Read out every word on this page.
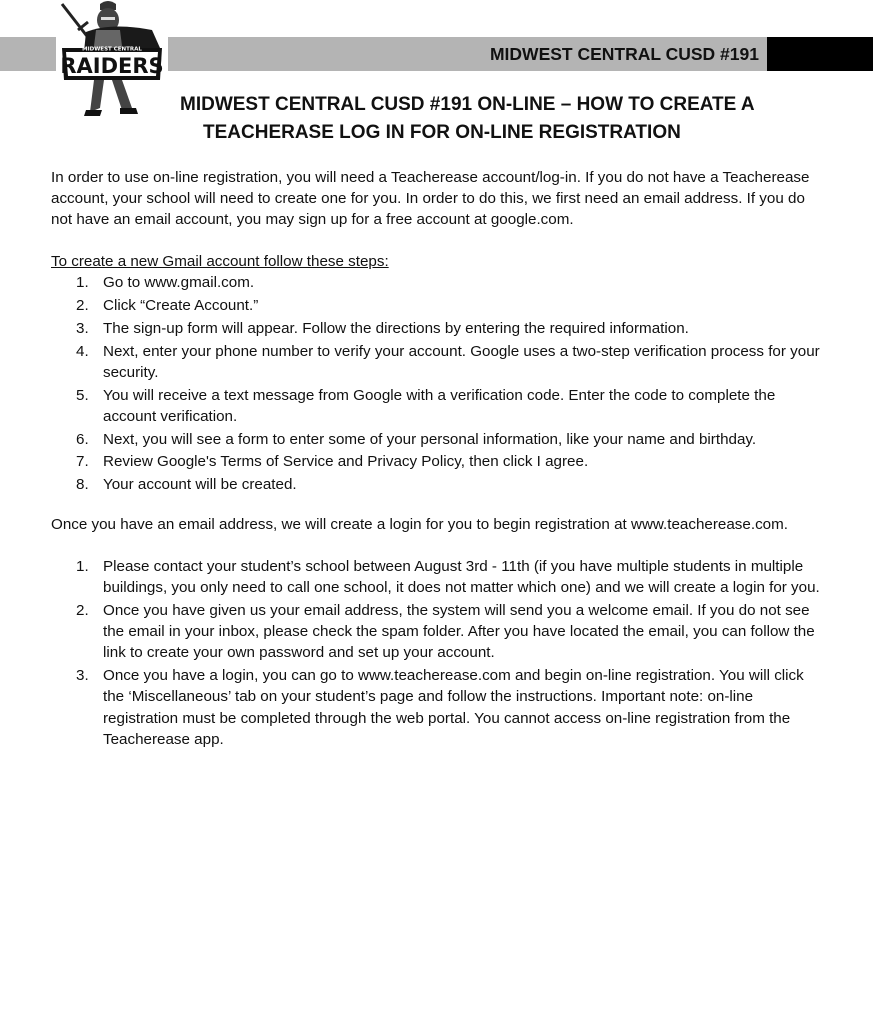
MIDWEST CENTRAL CUSD #191
MIDWEST CENTRAL
RAIDERS
MIDWEST CENTRAL CUSD #191 ON-LINE – HOW TO CREATE A
TEACHERASE LOG IN FOR ON-LINE REGISTRATION

In order to use on-line registration, you will need a Teacherease account/log-in. If you do not have a Teacherease account, your school will need to create one for you. In order to do this, we first need an email address. If you do not have an email account, you may sign up for a free account at google.com.

To create a new Gmail account follow these steps:

1. Go to www.gmail.com.
2. Click “Create Account.”
3. The sign-up form will appear. Follow the directions by entering the required information.
4. Next, enter your phone number to verify your account. Google uses a two-step verification process for your security.
5. You will receive a text message from Google with a verification code. Enter the code to complete the account verification.
6. Next, you will see a form to enter some of your personal information, like your name and birthday.
7. Review Google's Terms of Service and Privacy Policy, then click I agree.
8. Your account will be created.

Once you have an email address, we will create a login for you to begin registration at www.teacherease.com.

1. Please contact your student’s school between August 3rd - 11th (if you have multiple students in multiple buildings, you only need to call one school, it does not matter which one) and we will create a login for you.
2. Once you have given us your email address, the system will send you a welcome email. If you do not see the email in your inbox, please check the spam folder. After you have located the email, you can follow the link to create your own password and set up your account.
3. Once you have a login, you can go to www.teacherease.com and begin on-line registration. You will click the ‘Miscellaneous’ tab on your student’s page and follow the instructions. Important note: on-line registration must be completed through the web portal. You cannot access on-line registration from the Teacherease app.
